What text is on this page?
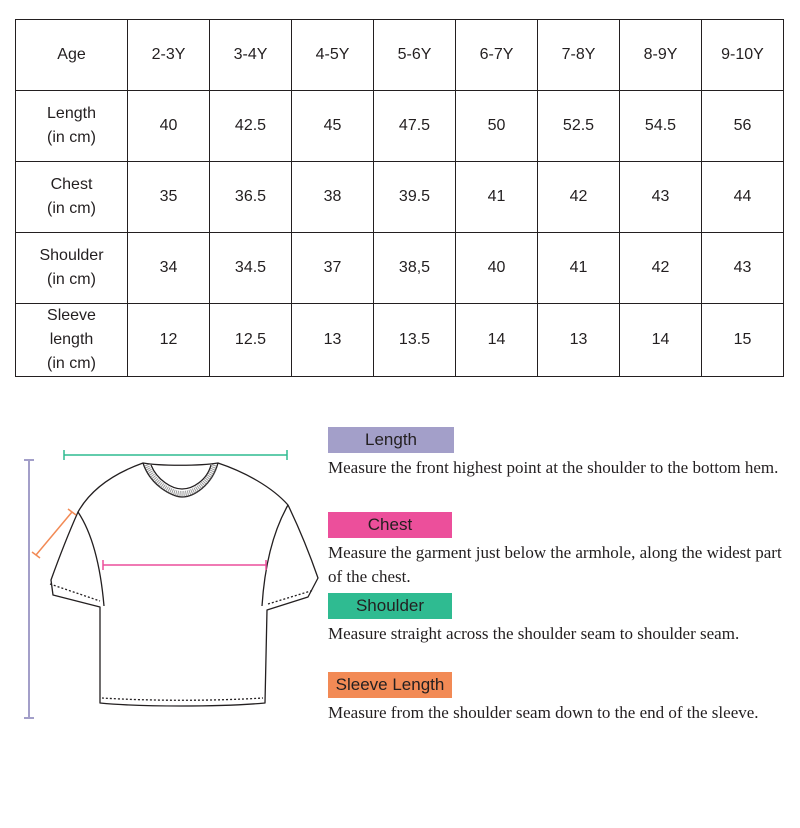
Age	2-3Y	3-4Y	4-5Y	5-6Y	6-7Y	7-8Y	8-9Y	9-10Y
Length
(in cm)	40	42.5	45	47.5	50	52.5	54.5	56
Chest
(in cm)	35	36.5	38	39.5	41	42	43	44
Shoulder
(in cm)	34	34.5	37	38,5	40	41	42	43
Sleeve
length
(in cm)	12	12.5	13	13.5	14	13	14	15
Length
Measure the front highest point at the shoulder to the bottom hem.
Chest
Measure the garment just below the armhole, along the widest part of the chest.
Shoulder
Measure straight across the shoulder seam to shoulder seam.
Sleeve Length
Measure from the shoulder seam down to the end of the sleeve.
